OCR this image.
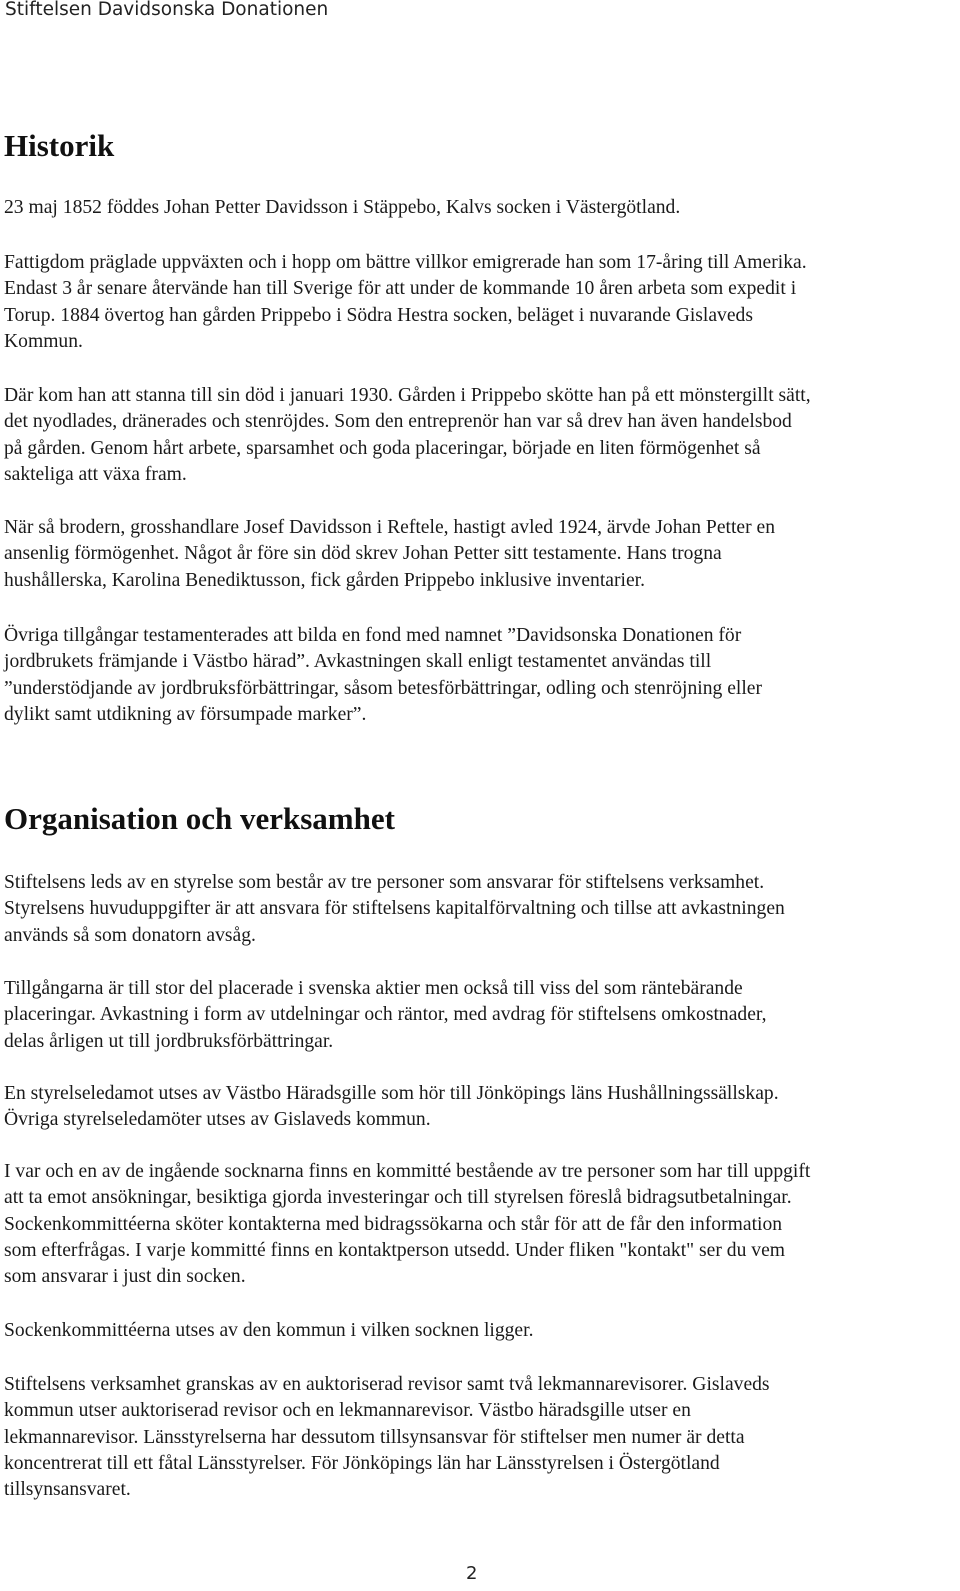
Stiftelsen Davidsonska Donationen
Historik

23 maj 1852 föddes Johan Petter Davidsson i Stäppebo, Kalvs socken i Västergötland.

Fattigdom präglade uppväxten och i hopp om bättre villkor emigrerade han som 17-åring till Amerika.
Endast 3 år senare återvände han till Sverige för att under de kommande 10 åren arbeta som expedit i
Torup. 1884 övertog han gården Prippebo i Södra Hestra socken, beläget i nuvarande Gislaveds
Kommun.

Där kom han att stanna till sin död i januari 1930. Gården i Prippebo skötte han på ett mönstergillt sätt,
det nyodlades, dränerades och stenröjdes. Som den entreprenör han var så drev han även handelsbod
på gården. Genom hårt arbete, sparsamhet och goda placeringar, började en liten förmögenhet så
sakteliga att växa fram.

När så brodern, grosshandlare Josef Davidsson i Reftele, hastigt avled 1924, ärvde Johan Petter en
ansenlig förmögenhet. Något år före sin död skrev Johan Petter sitt testamente. Hans trogna
hushållerska, Karolina Benediktusson, fick gården Prippebo inklusive inventarier.

Övriga tillgångar testamenterades att bilda en fond med namnet ”Davidsonska Donationen för
jordbrukets främjande i Västbo härad”. Avkastningen skall enligt testamentet användas till
”understödjande av jordbruksförbättringar, såsom betesförbättringar, odling och stenröjning eller
dylikt samt utdikning av försumpade marker”.

Organisation och verksamhet

Stiftelsens leds av en styrelse som består av tre personer som ansvarar för stiftelsens verksamhet.
Styrelsens huvuduppgifter är att ansvara för stiftelsens kapitalförvaltning och tillse att avkastningen
används så som donatorn avsåg.

Tillgångarna är till stor del placerade i svenska aktier men också till viss del som räntebärande
placeringar. Avkastning i form av utdelningar och räntor, med avdrag för stiftelsens omkostnader,
delas årligen ut till jordbruksförbättringar.

En styrelseledamot utses av Västbo Häradsgille som hör till Jönköpings läns Hushållningssällskap.
Övriga styrelseledamöter utses av Gislaveds kommun.

I var och en av de ingående socknarna finns en kommitté bestående av tre personer som har till uppgift
att ta emot ansökningar, besiktiga gjorda investeringar och till styrelsen föreslå bidragsutbetalningar.
Sockenkommittéerna sköter kontakterna med bidragssökarna och står för att de får den information
som efterfrågas. I varje kommitté finns en kontaktperson utsedd. Under fliken "kontakt" ser du vem
som ansvarar i just din socken.

Sockenkommittéerna utses av den kommun i vilken socknen ligger.

Stiftelsens verksamhet granskas av en auktoriserad revisor samt två lekmannarevisorer. Gislaveds
kommun utser auktoriserad revisor och en lekmannarevisor. Västbo häradsgille utser en
lekmannarevisor. Länsstyrelserna har dessutom tillsynsansvar för stiftelser men numer är detta
koncentrerat till ett fåtal Länsstyrelser. För Jönköpings län har Länsstyrelsen i Östergötland
tillsynsansvaret.

2
